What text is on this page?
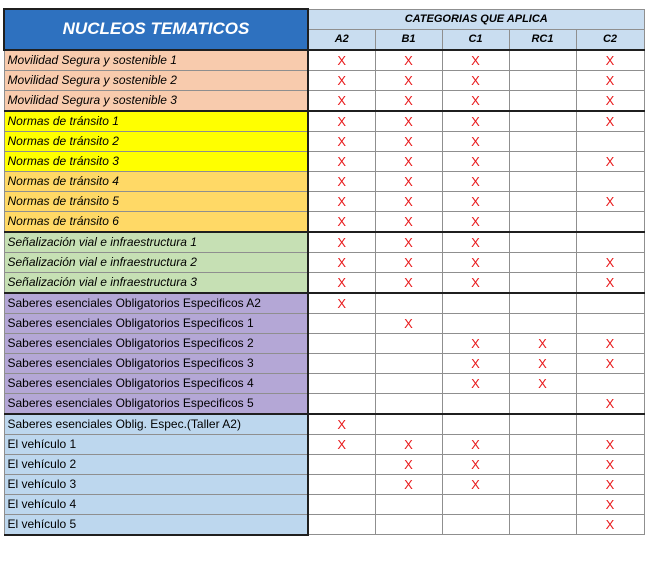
NUCLEOS TEMATICOS	CATEGORIAS QUE APLICA				
	A2	B1	C1	RC1	C2
Movilidad Segura y sostenible 1	X	X	X		X
Movilidad Segura y sostenible 2	X	X	X		X
Movilidad Segura y sostenible 3	X	X	X		X
Normas de tránsito 1	X	X	X		X
Normas de tránsito 2	X	X	X		
Normas de tránsito 3	X	X	X		X
Normas de tránsito 4	X	X	X		
Normas de tránsito 5	X	X	X		X
Normas de tránsito 6	X	X	X		
Señalización vial e infraestructura 1	X	X	X		
Señalización vial e infraestructura 2	X	X	X		X
Señalización vial e infraestructura 3	X	X	X		X
Saberes esenciales Obligatorios Especificos A2	X				
Saberes esenciales Obligatorios Especificos 1		X			
Saberes esenciales Obligatorios Especificos 2			X	X	X
Saberes esenciales Obligatorios Especificos 3			X	X	X
Saberes esenciales Obligatorios Especificos 4			X	X	
Saberes esenciales Obligatorios Especificos 5					X
Saberes esenciales Oblig. Espec.(Taller A2)	X				
El vehículo 1	X	X	X		X
El vehículo 2		X	X		X
El vehículo 3		X	X		X
El vehículo 4					X
El vehículo 5					X
